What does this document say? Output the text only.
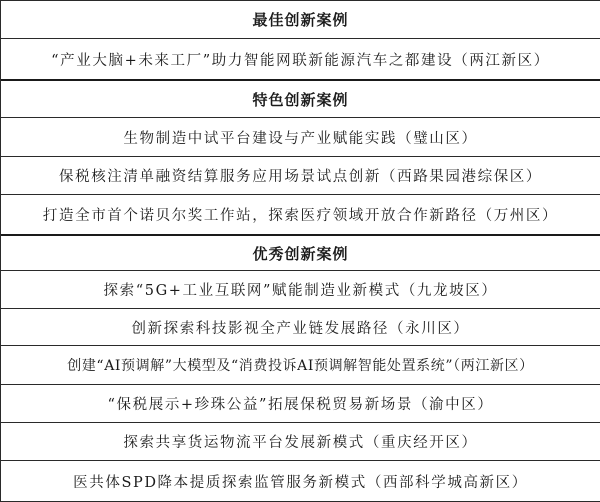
最佳创新案例
“产业大脑+未来工厂”助力智能网联新能源汽车之都建设（两江新区）
特色创新案例
生物制造中试平台建设与产业赋能实践（璧山区）
保税核注清单融资结算服务应用场景试点创新（西路果园港综保区）
打造全市首个诺贝尔奖工作站，探索医疗领域开放合作新路径（万州区）
优秀创新案例
探索“5G+工业互联网”赋能制造业新模式（九龙坡区）
创新探索科技影视全产业链发展路径（永川区）
创建“AI预调解”大模型及“消费投诉AI预调解智能处置系统”（两江新区）
“保税展示+珍珠公益”拓展保税贸易新场景（渝中区）
探索共享货运物流平台发展新模式（重庆经开区）
医共体SPD降本提质探索监管服务新模式（西部科学城高新区）
